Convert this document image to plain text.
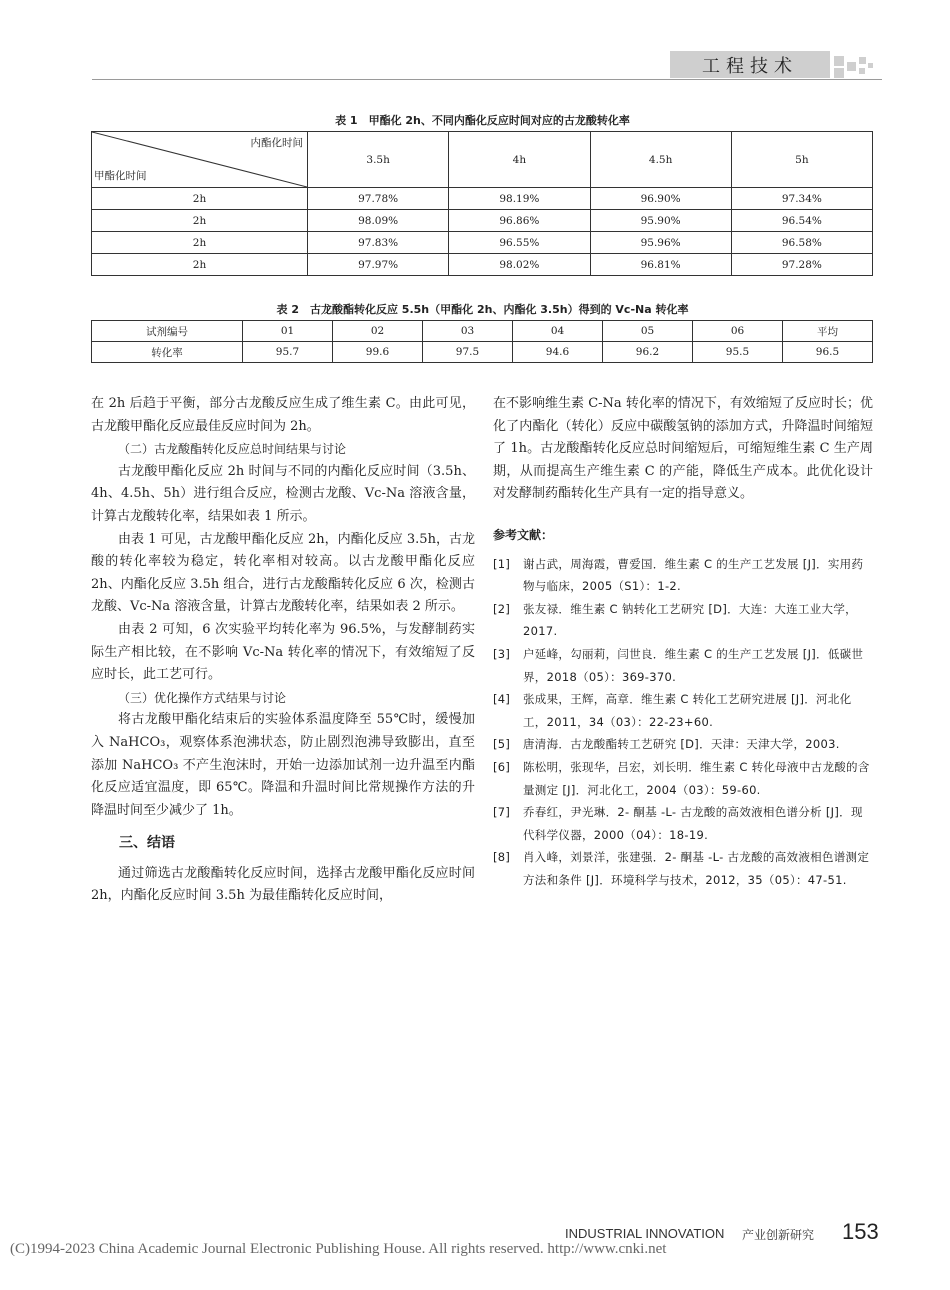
工程技术
表 1　甲酯化 2h、不同内酯化反应时间对应的古龙酸转化率
内酯化时间
甲酯化时间	3.5h	4h	4.5h	5h
2h	97.78%	98.19%	96.90%	97.34%
2h	98.09%	96.86%	95.90%	96.54%
2h	97.83%	96.55%	95.96%	96.58%
2h	97.97%	98.02%	96.81%	97.28%
表 2　古龙酸酯转化反应 5.5h（甲酯化 2h、内酯化 3.5h）得到的 Vc-Na 转化率
试剂编号	01	02	03	04	05	06	平均
转化率	95.7	99.6	97.5	94.6	96.2	95.5	96.5

在 2h 后趋于平衡，部分古龙酸反应生成了维生素 C。由此可见，古龙酸甲酯化反应最佳反应时间为 2h。

（二）古龙酸酯转化反应总时间结果与讨论

古龙酸甲酯化反应 2h 时间与不同的内酯化反应时间（3.5h、4h、4.5h、5h）进行组合反应，检测古龙酸、Vc-Na 溶液含量，计算古龙酸转化率，结果如表 1 所示。

由表 1 可见，古龙酸甲酯化反应 2h，内酯化反应 3.5h，古龙酸的转化率较为稳定，转化率相对较高。以古龙酸甲酯化反应 2h、内酯化反应 3.5h 组合，进行古龙酸酯转化反应 6 次，检测古龙酸、Vc-Na 溶液含量，计算古龙酸转化率，结果如表 2 所示。

由表 2 可知，6 次实验平均转化率为 96.5%，与发酵制药实际生产相比较，在不影响 Vc-Na 转化率的情况下，有效缩短了反应时长，此工艺可行。

（三）优化操作方式结果与讨论

将古龙酸甲酯化结束后的实验体系温度降至 55℃时，缓慢加入 NaHCO₃，观察体系泡沸状态，防止剧烈泡沸导致膨出，直至添加 NaHCO₃ 不产生泡沫时，开始一边添加试剂一边升温至内酯化反应适宜温度，即 65℃。降温和升温时间比常规操作方法的升降温时间至少减少了 1h。

三、结语

通过筛选古龙酸酯转化反应时间，选择古龙酸甲酯化反应时间 2h，内酯化反应时间 3.5h 为最佳酯转化反应时间，

在不影响维生素 C-Na 转化率的情况下，有效缩短了反应时长；优化了内酯化（转化）反应中碳酸氢钠的添加方式，升降温时间缩短了 1h。古龙酸酯转化反应总时间缩短后，可缩短维生素 C 生产周期，从而提高生产维生素 C 的产能，降低生产成本。此优化设计对发酵制药酯转化生产具有一定的指导意义。

参考文献：

[1]	谢占武，周海霞，曹爱国．维生素 C 的生产工艺发展 [J]．实用药物与临床，2005（S1）：1-2.
[2]	张友禄．维生素 C 钠转化工艺研究 [D]．大连：大连工业大学，2017.
[3]	户延峰，勾丽莉，闫世良．维生素 C 的生产工艺发展 [J]．低碳世界，2018（05）：369-370.
[4]	张成果，王辉，高章．维生素 C 转化工艺研究进展 [J]．河北化工，2011，34（03）：22-23+60.
[5]	唐清海．古龙酸酯转工艺研究 [D]．天津：天津大学，2003.
[6]	陈松明，张现华，吕宏，刘长明．维生素 C 转化母液中古龙酸的含量测定 [J]．河北化工，2004（03）：59-60.
[7]	乔春红，尹光琳．2- 酮基 -L- 古龙酸的高效液相色谱分析 [J]．现代科学仪器，2000（04）：18-19.
[8]	肖入峰，刘景洋，张建强．2- 酮基 -L- 古龙酸的高效液相色谱测定方法和条件 [J]．环境科学与技术，2012，35（05）：47-51.
INDUSTRIAL INNOVATION 产业创新研究 153
(C)1994-2023 China Academic Journal Electronic Publishing House. All rights reserved. http://www.cnki.net
